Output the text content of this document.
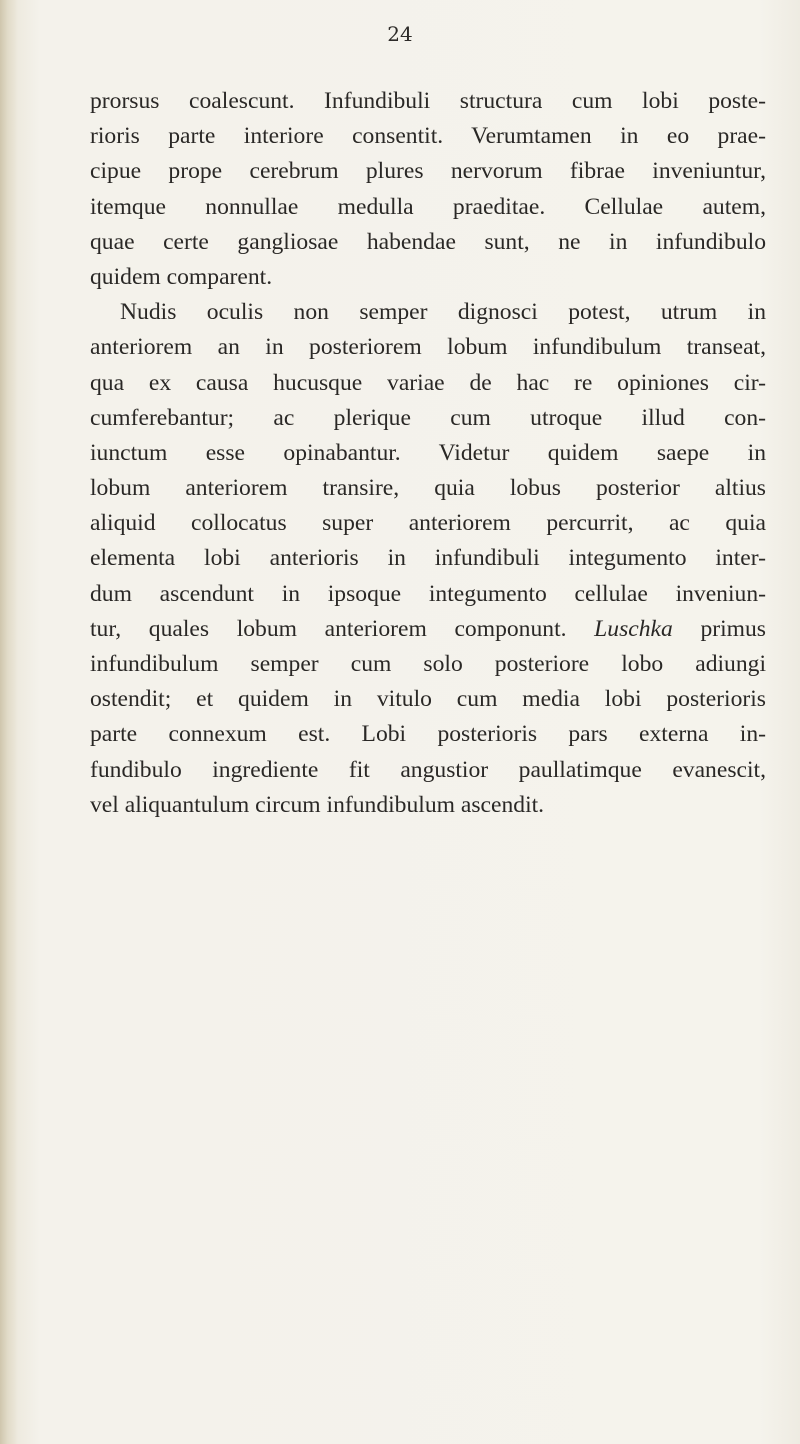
24
prorsus coalescunt. Infundibuli structura cum lobi poste-
rioris parte interiore consentit. Verumtamen in eo prae-
cipue prope cerebrum plures nervorum fibrae inveniuntur,
itemque nonnullae medulla praeditae. Cellulae autem,
quae certe gangliosae habendae sunt, ne in infundibulo
quidem comparent.
Nudis oculis non semper dignosci potest, utrum in
anteriorem an in posteriorem lobum infundibulum transeat,
qua ex causa hucusque variae de hac re opiniones cir-
cumferebantur; ac plerique cum utroque illud con-
iunctum esse opinabantur. Videtur quidem saepe in
lobum anteriorem transire, quia lobus posterior altius
aliquid collocatus super anteriorem percurrit, ac quia
elementa lobi anterioris in infundibuli integumento inter-
dum ascendunt in ipsoque integumento cellulae inveniun-
tur, quales lobum anteriorem componunt. Luschka primus
infundibulum semper cum solo posteriore lobo adiungi
ostendit; et quidem in vitulo cum media lobi posterioris
parte connexum est. Lobi posterioris pars externa in-
fundibulo ingrediente fit angustior paullatimque evanescit,
vel aliquantulum circum infundibulum ascendit.
